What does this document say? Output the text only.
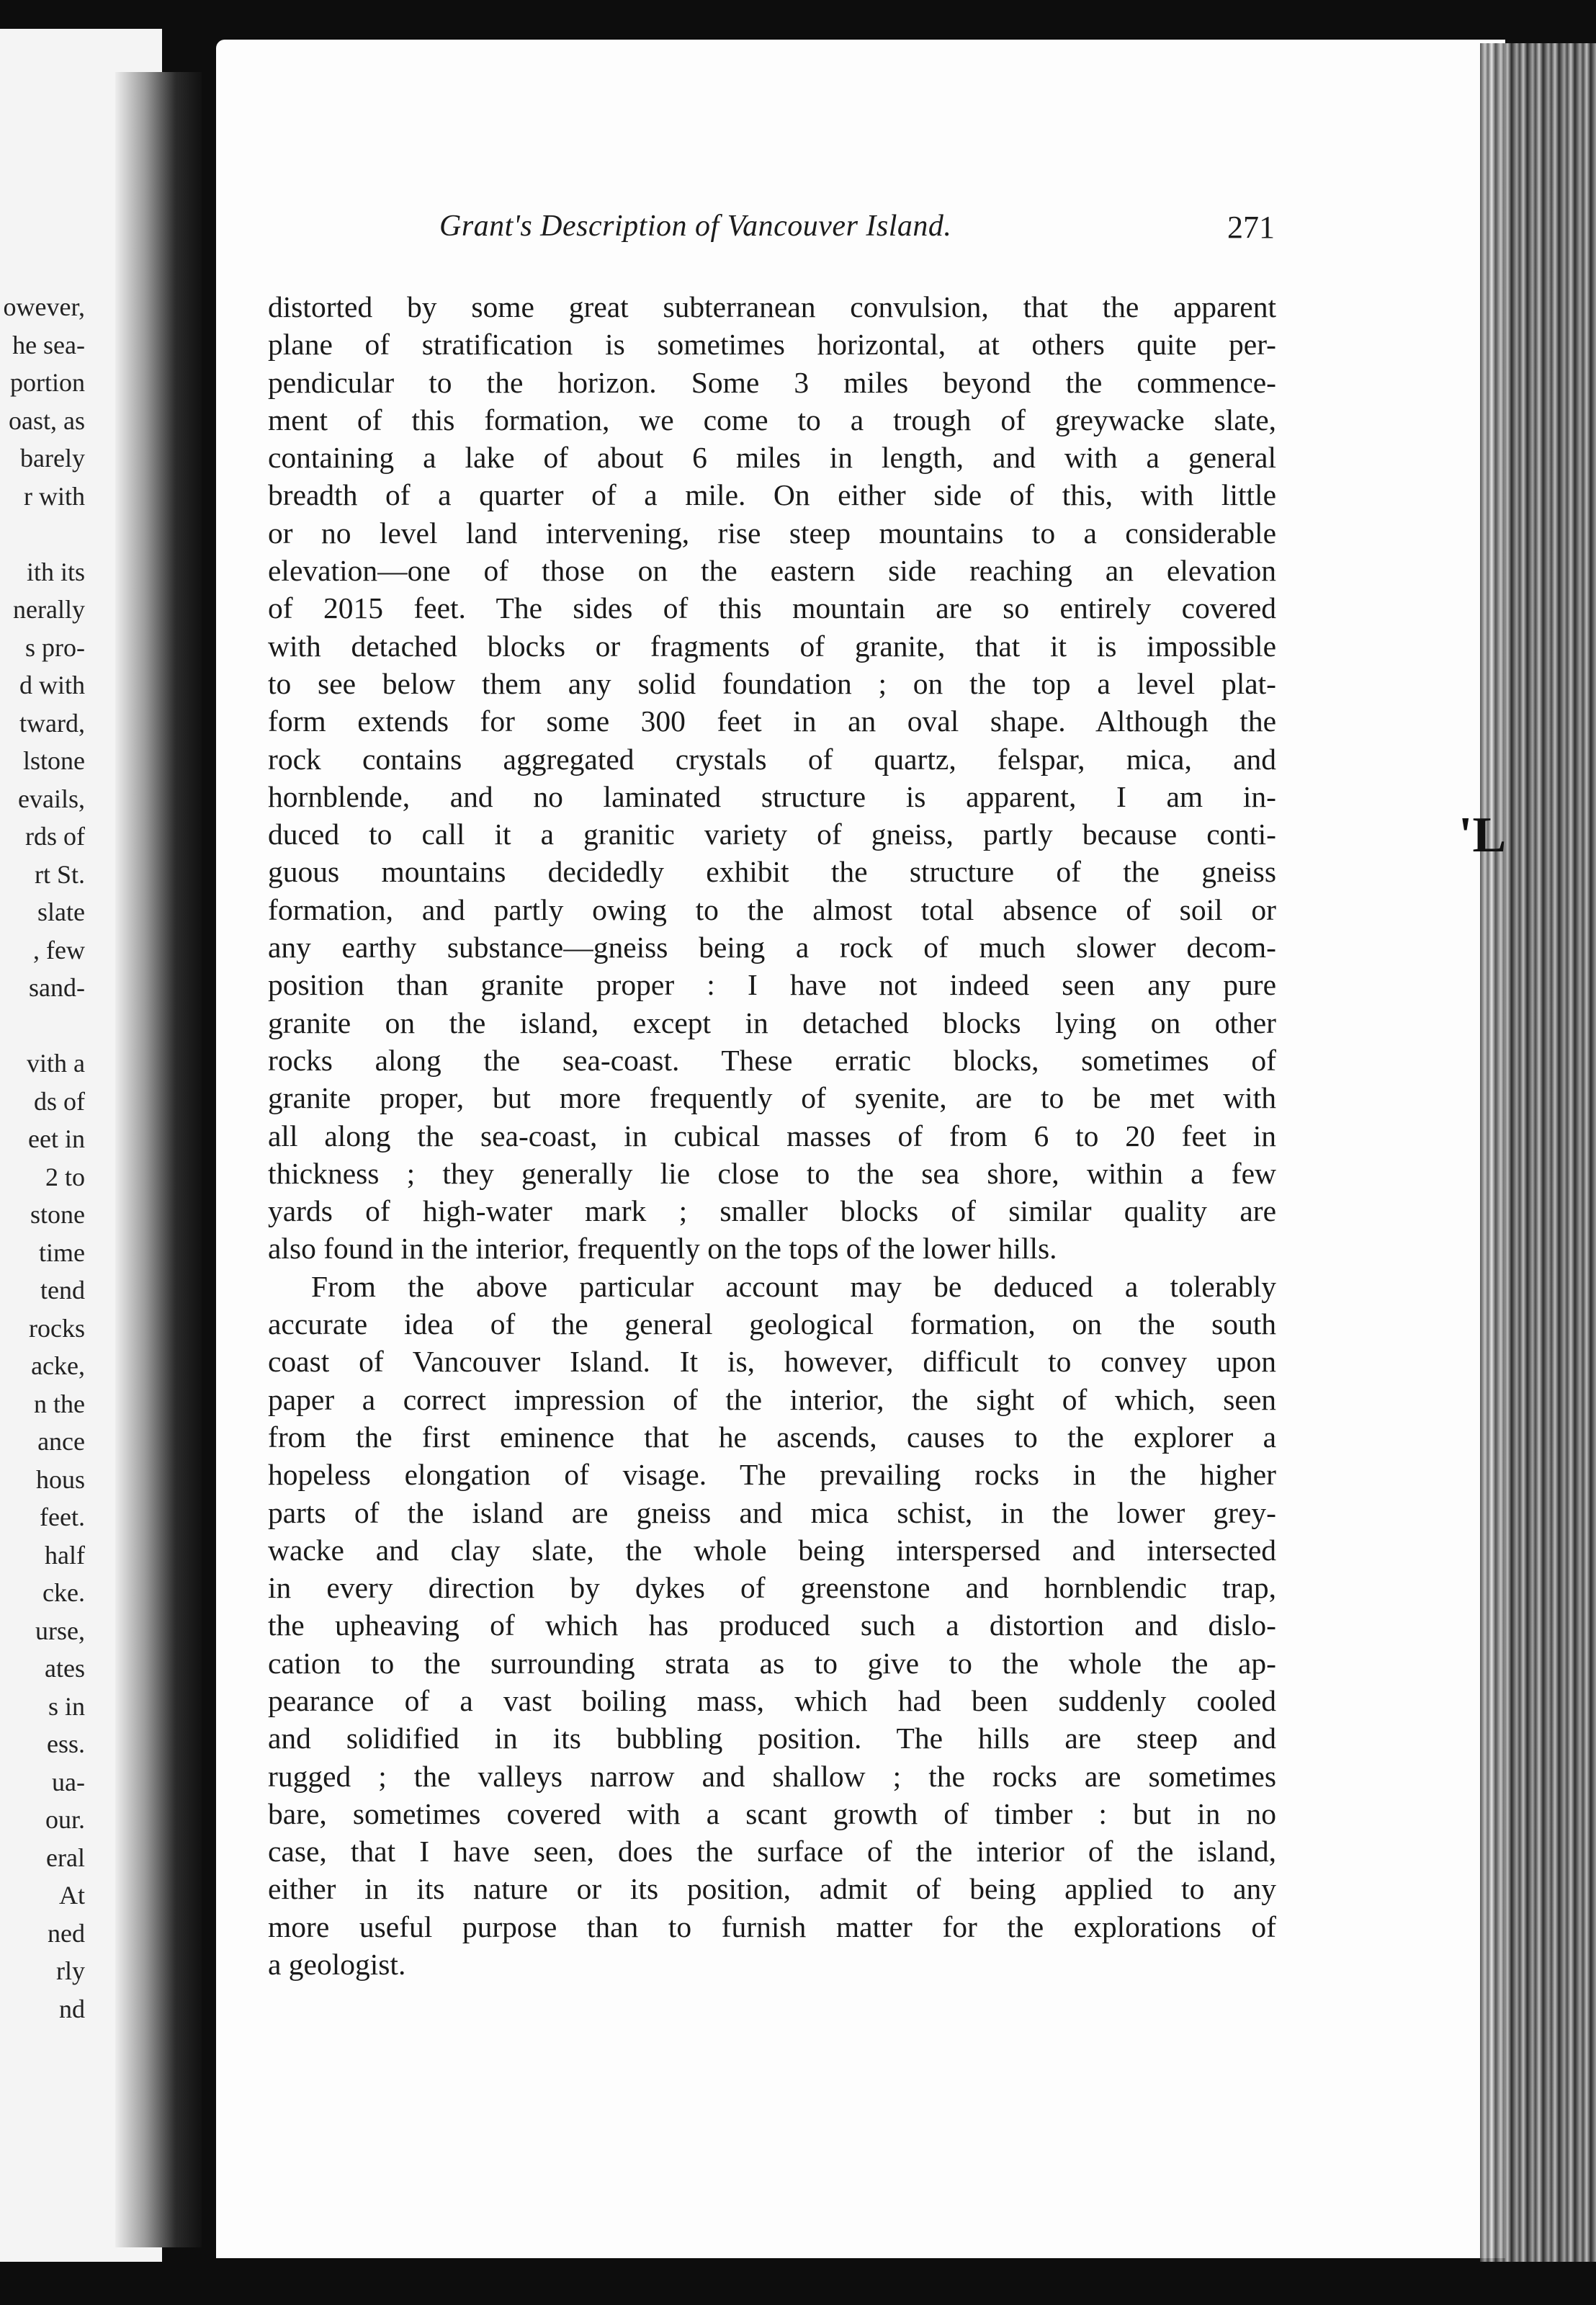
owever,
he sea-
portion
oast, as
barely
r with
ith its
nerally
s pro-
d with
tward,
lstone
evails,
rds of
rt St.
slate
, few
sand-
vith a
ds of
eet in
2 to
stone
time
tend
rocks
acke,
n the
ance
hous
feet.
half
cke.
urse,
ates
s in
ess.
ua-
our.
eral
At
ned
rly
nd
Grant's Description of Vancouver Island.	271
'L
distorted by some great subterranean convulsion, that the apparent
plane of stratification is sometimes horizontal, at others quite per-
pendicular to the horizon. Some 3 miles beyond the commence-
ment of this formation, we come to a trough of greywacke slate,
containing a lake of about 6 miles in length, and with a general
breadth of a quarter of a mile. On either side of this, with little
or no level land intervening, rise steep mountains to a considerable
elevation—one of those on the eastern side reaching an elevation
of 2015 feet. The sides of this mountain are so entirely covered
with detached blocks or fragments of granite, that it is impossible
to see below them any solid foundation ; on the top a level plat-
form extends for some 300 feet in an oval shape. Although the
rock contains aggregated crystals of quartz, felspar, mica, and
hornblende, and no laminated structure is apparent, I am in-
duced to call it a granitic variety of gneiss, partly because conti-
guous mountains decidedly exhibit the structure of the gneiss
formation, and partly owing to the almost total absence of soil or
any earthy substance—gneiss being a rock of much slower decom-
position than granite proper : I have not indeed seen any pure
granite on the island, except in detached blocks lying on other
rocks along the sea-coast. These erratic blocks, sometimes of
granite proper, but more frequently of syenite, are to be met with
all along the sea-coast, in cubical masses of from 6 to 20 feet in
thickness ; they generally lie close to the sea shore, within a few
yards of high-water mark ; smaller blocks of similar quality are
also found in the interior, frequently on the tops of the lower hills.
From the above particular account may be deduced a tolerably
accurate idea of the general geological formation, on the south
coast of Vancouver Island. It is, however, difficult to convey upon
paper a correct impression of the interior, the sight of which, seen
from the first eminence that he ascends, causes to the explorer a
hopeless elongation of visage. The prevailing rocks in the higher
parts of the island are gneiss and mica schist, in the lower grey-
wacke and clay slate, the whole being interspersed and intersected
in every direction by dykes of greenstone and hornblendic trap,
the upheaving of which has produced such a distortion and dislo-
cation to the surrounding strata as to give to the whole the ap-
pearance of a vast boiling mass, which had been suddenly cooled
and solidified in its bubbling position. The hills are steep and
rugged ; the valleys narrow and shallow ; the rocks are sometimes
bare, sometimes covered with a scant growth of timber : but in no
case, that I have seen, does the surface of the interior of the island,
either in its nature or its position, admit of being applied to any
more useful purpose than to furnish matter for the explorations of
a geologist.
